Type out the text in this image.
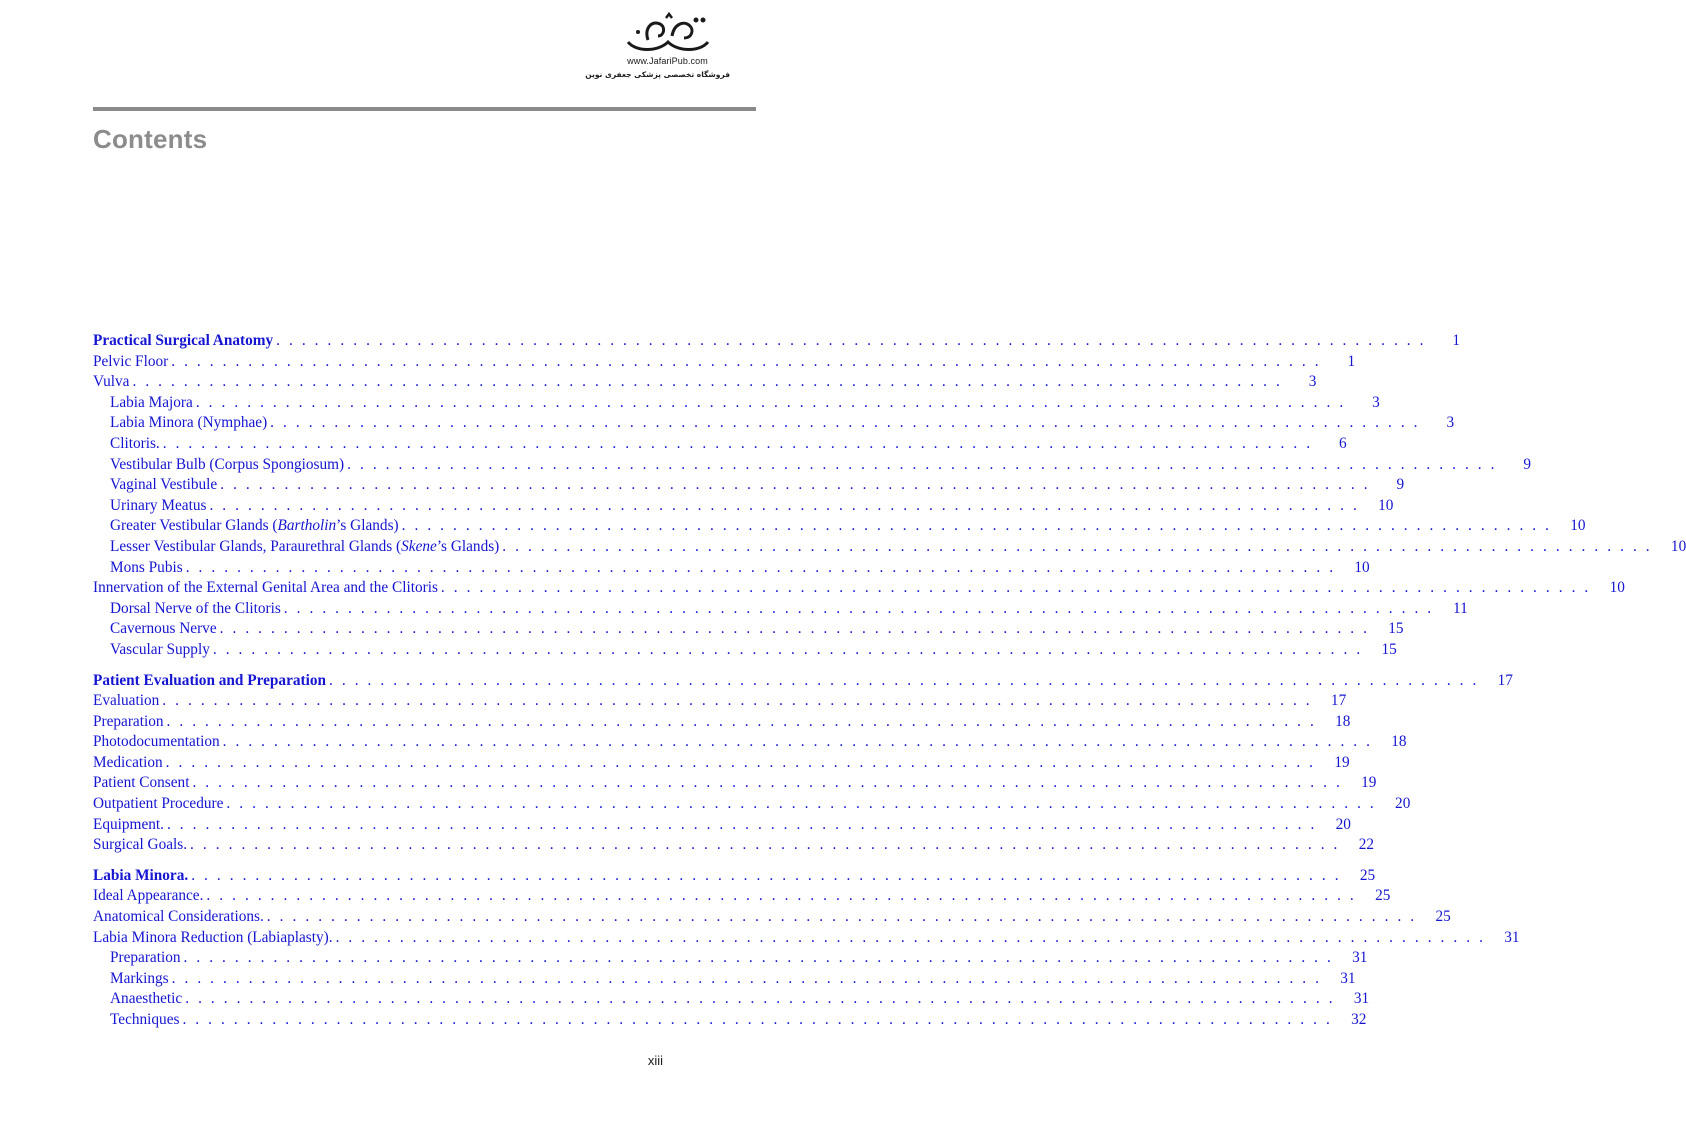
www.JafariPub.com
فروشگاه تخصصی پزشکی جعفری نوین
Contents
Practical Surgical Anatomy . . . . . . . . . . . . . . . . . . . . . . . . . . . . . . . . . . . . . . . . . . . . . . . . . . . . . . . . . . . . . . . . . . . . . . . . . . . . . . . . . . . . . . . . . .	1
Pelvic Floor . . . . . . . . . . . . . . . . . . . . . . . . . . . . . . . . . . . . . . . . . . . . . . . . . . . . . . . . . . . . . . . . . . . . . . . . . . . . . . . . . . . . . . . . . .	1
Vulva . . . . . . . . . . . . . . . . . . . . . . . . . . . . . . . . . . . . . . . . . . . . . . . . . . . . . . . . . . . . . . . . . . . . . . . . . . . . . . . . . . . . . . . . . .	3
Labia Majora . . . . . . . . . . . . . . . . . . . . . . . . . . . . . . . . . . . . . . . . . . . . . . . . . . . . . . . . . . . . . . . . . . . . . . . . . . . . . . . . . . . . . . . . . .	3
Labia Minora (Nymphae) . . . . . . . . . . . . . . . . . . . . . . . . . . . . . . . . . . . . . . . . . . . . . . . . . . . . . . . . . . . . . . . . . . . . . . . . . . . . . . . . . . . . . . . . . .	3
Clitoris. . . . . . . . . . . . . . . . . . . . . . . . . . . . . . . . . . . . . . . . . . . . . . . . . . . . . . . . . . . . . . . . . . . . . . . . . . . . . . . . . . . . . . . . . . .	6
Vestibular Bulb (Corpus Spongiosum) . . . . . . . . . . . . . . . . . . . . . . . . . . . . . . . . . . . . . . . . . . . . . . . . . . . . . . . . . . . . . . . . . . . . . . . . . . . . . . . . . . . . . . . . . .	9
Vaginal Vestibule . . . . . . . . . . . . . . . . . . . . . . . . . . . . . . . . . . . . . . . . . . . . . . . . . . . . . . . . . . . . . . . . . . . . . . . . . . . . . . . . . . . . . . . . . .	9
Urinary Meatus . . . . . . . . . . . . . . . . . . . . . . . . . . . . . . . . . . . . . . . . . . . . . . . . . . . . . . . . . . . . . . . . . . . . . . . . . . . . . . . . . . . . . . . . . .	10
Greater Vestibular Glands (Bartholin’s Glands) . . . . . . . . . . . . . . . . . . . . . . . . . . . . . . . . . . . . . . . . . . . . . . . . . . . . . . . . . . . . . . . . . . . . . . . . . . . . . . . . . . . . . . . . . .	10
Lesser Vestibular Glands, Paraurethral Glands (Skene’s Glands) . . . . . . . . . . . . . . . . . . . . . . . . . . . . . . . . . . . . . . . . . . . . . . . . . . . . . . . . . . . . . . . . . . . . . . . . . . . . . . . . . . . . . . . . . .	10
Mons Pubis . . . . . . . . . . . . . . . . . . . . . . . . . . . . . . . . . . . . . . . . . . . . . . . . . . . . . . . . . . . . . . . . . . . . . . . . . . . . . . . . . . . . . . . . . .	10
Innervation of the External Genital Area and the Clitoris . . . . . . . . . . . . . . . . . . . . . . . . . . . . . . . . . . . . . . . . . . . . . . . . . . . . . . . . . . . . . . . . . . . . . . . . . . . . . . . . . . . . . . . . . .	10
Dorsal Nerve of the Clitoris . . . . . . . . . . . . . . . . . . . . . . . . . . . . . . . . . . . . . . . . . . . . . . . . . . . . . . . . . . . . . . . . . . . . . . . . . . . . . . . . . . . . . . . . . .	11
Cavernous Nerve . . . . . . . . . . . . . . . . . . . . . . . . . . . . . . . . . . . . . . . . . . . . . . . . . . . . . . . . . . . . . . . . . . . . . . . . . . . . . . . . . . . . . . . . . .	15
Vascular Supply . . . . . . . . . . . . . . . . . . . . . . . . . . . . . . . . . . . . . . . . . . . . . . . . . . . . . . . . . . . . . . . . . . . . . . . . . . . . . . . . . . . . . . . . . .	15
Patient Evaluation and Preparation . . . . . . . . . . . . . . . . . . . . . . . . . . . . . . . . . . . . . . . . . . . . . . . . . . . . . . . . . . . . . . . . . . . . . . . . . . . . . . . . . . . . . . . . . .	17
Evaluation . . . . . . . . . . . . . . . . . . . . . . . . . . . . . . . . . . . . . . . . . . . . . . . . . . . . . . . . . . . . . . . . . . . . . . . . . . . . . . . . . . . . . . . . . .	17
Preparation . . . . . . . . . . . . . . . . . . . . . . . . . . . . . . . . . . . . . . . . . . . . . . . . . . . . . . . . . . . . . . . . . . . . . . . . . . . . . . . . . . . . . . . . . .	18
Photodocumentation . . . . . . . . . . . . . . . . . . . . . . . . . . . . . . . . . . . . . . . . . . . . . . . . . . . . . . . . . . . . . . . . . . . . . . . . . . . . . . . . . . . . . . . . . .	18
Medication . . . . . . . . . . . . . . . . . . . . . . . . . . . . . . . . . . . . . . . . . . . . . . . . . . . . . . . . . . . . . . . . . . . . . . . . . . . . . . . . . . . . . . . . . .	19
Patient Consent . . . . . . . . . . . . . . . . . . . . . . . . . . . . . . . . . . . . . . . . . . . . . . . . . . . . . . . . . . . . . . . . . . . . . . . . . . . . . . . . . . . . . . . . . .	19
Outpatient Procedure . . . . . . . . . . . . . . . . . . . . . . . . . . . . . . . . . . . . . . . . . . . . . . . . . . . . . . . . . . . . . . . . . . . . . . . . . . . . . . . . . . . . . . . . . .	20
Equipment. . . . . . . . . . . . . . . . . . . . . . . . . . . . . . . . . . . . . . . . . . . . . . . . . . . . . . . . . . . . . . . . . . . . . . . . . . . . . . . . . . . . . . . . . . .	20
Surgical Goals. . . . . . . . . . . . . . . . . . . . . . . . . . . . . . . . . . . . . . . . . . . . . . . . . . . . . . . . . . . . . . . . . . . . . . . . . . . . . . . . . . . . . . . . . . .	22
Labia Minora. . . . . . . . . . . . . . . . . . . . . . . . . . . . . . . . . . . . . . . . . . . . . . . . . . . . . . . . . . . . . . . . . . . . . . . . . . . . . . . . . . . . . . . . . . .	25
Ideal Appearance. . . . . . . . . . . . . . . . . . . . . . . . . . . . . . . . . . . . . . . . . . . . . . . . . . . . . . . . . . . . . . . . . . . . . . . . . . . . . . . . . . . . . . . . . . .	25
Anatomical Considerations. . . . . . . . . . . . . . . . . . . . . . . . . . . . . . . . . . . . . . . . . . . . . . . . . . . . . . . . . . . . . . . . . . . . . . . . . . . . . . . . . . . . . . . . . . .	25
Labia Minora Reduction (Labiaplasty). . . . . . . . . . . . . . . . . . . . . . . . . . . . . . . . . . . . . . . . . . . . . . . . . . . . . . . . . . . . . . . . . . . . . . . . . . . . . . . . . . . . . . . . . . .	31
Preparation . . . . . . . . . . . . . . . . . . . . . . . . . . . . . . . . . . . . . . . . . . . . . . . . . . . . . . . . . . . . . . . . . . . . . . . . . . . . . . . . . . . . . . . . . .	31
Markings . . . . . . . . . . . . . . . . . . . . . . . . . . . . . . . . . . . . . . . . . . . . . . . . . . . . . . . . . . . . . . . . . . . . . . . . . . . . . . . . . . . . . . . . . .	31
Anaesthetic . . . . . . . . . . . . . . . . . . . . . . . . . . . . . . . . . . . . . . . . . . . . . . . . . . . . . . . . . . . . . . . . . . . . . . . . . . . . . . . . . . . . . . . . . .	31
Techniques . . . . . . . . . . . . . . . . . . . . . . . . . . . . . . . . . . . . . . . . . . . . . . . . . . . . . . . . . . . . . . . . . . . . . . . . . . . . . . . . . . . . . . . . . .	32
xiii
